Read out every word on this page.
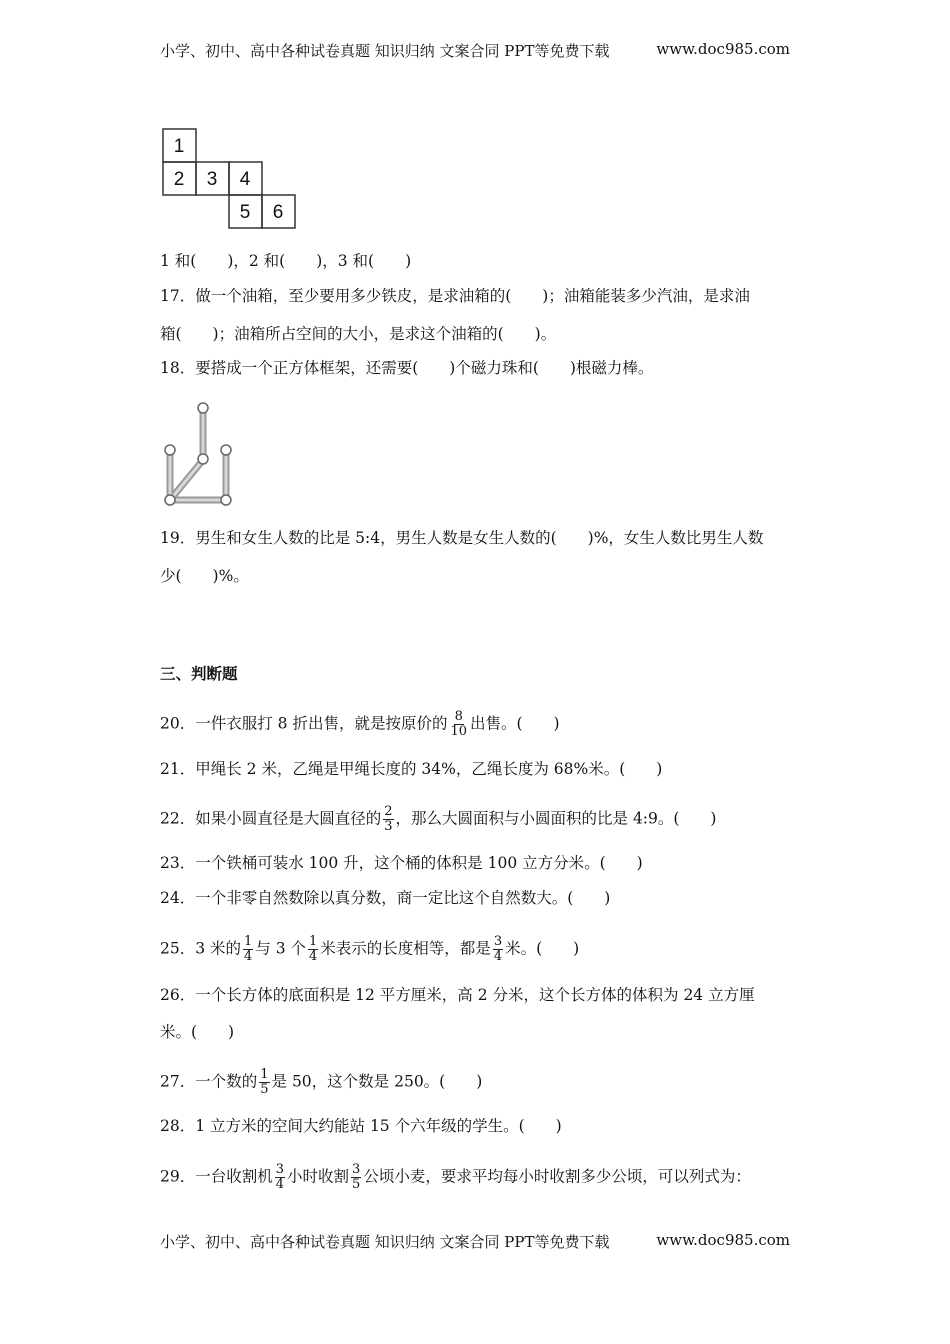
小学、初中、高中各种试卷真题 知识归纳 文案合同 PPT等免费下载	www.doc985.com
1
2 3 4
5 6
1 和(　　)，2 和(　　)，3 和(　　)
17．做一个油箱，至少要用多少铁皮，是求油箱的(　　)；油箱能装多少汽油，是求油
箱(　　)；油箱所占空间的大小，是求这个油箱的(　　)。
18．要搭成一个正方体框架，还需要(　　)个磁力珠和(　　)根磁力棒。
19．男生和女生人数的比是 5:4，男生人数是女生人数的(　　)%，女生人数比男生人数
少(　　)%。
三、判断题
20．一件衣服打 8 折出售，就是按原价的 $\frac{8}{10}$ 出售。(　　)
21．甲绳长 2 米，乙绳是甲绳长度的 34%，乙绳长度为 68%米。(　　)
22．如果小圆直径是大圆直径的 $\frac{2}{3}$ ，那么大圆面积与小圆面积的比是 4:9。(　　)
23．一个铁桶可装水 100 升，这个桶的体积是 100 立方分米。(　　)
24．一个非零自然数除以真分数，商一定比这个自然数大。(　　)
25．3 米的 $\frac{1}{4}$ 与 3 个 $\frac{1}{4}$ 米表示的长度相等，都是 $\frac{3}{4}$ 米。(　　)
26．一个长方体的底面积是 12 平方厘米，高 2 分米，这个长方体的体积为 24 立方厘
米。(　　)
27．一个数的 $\frac{1}{5}$ 是 50，这个数是 250。(　　)
28．1 立方米的空间大约能站 15 个六年级的学生。(　　)
29．一台收割机 $\frac{3}{4}$ 小时收割 $\frac{3}{5}$ 公顷小麦，要求平均每小时收割多少公顷，可以列式为：
小学、初中、高中各种试卷真题 知识归纳 文案合同 PPT等免费下载	www.doc985.com
